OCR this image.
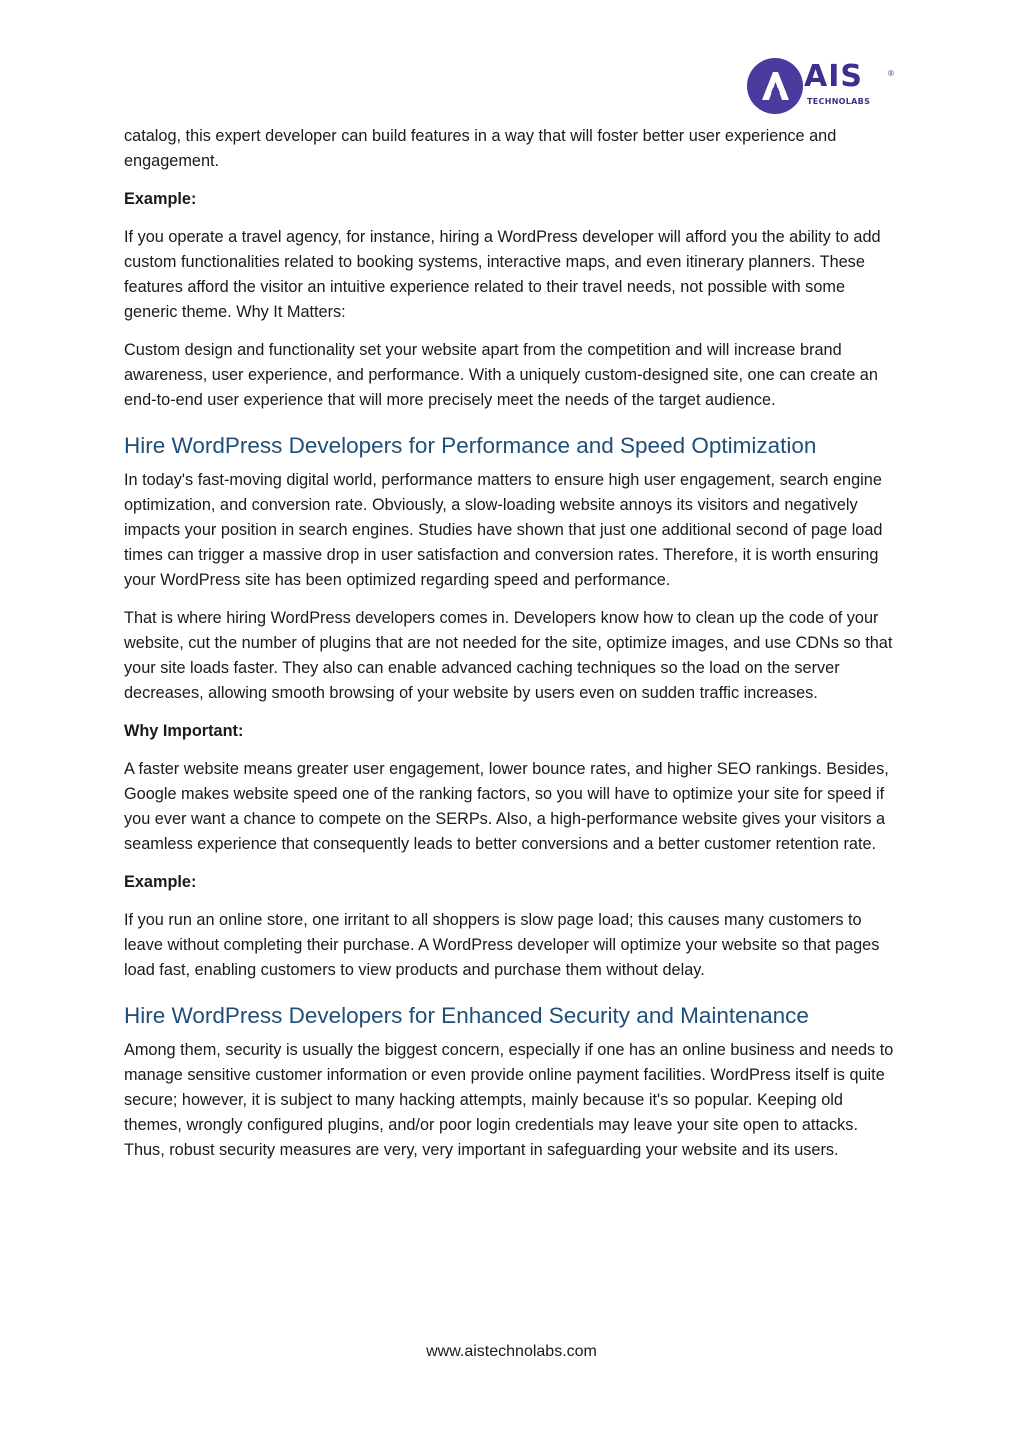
AIS	®
TECHNOLABS

catalog, this expert developer can build features in a way that will foster better user experience and engagement.

Example:

If you operate a travel agency, for instance, hiring a WordPress developer will afford you the ability to add custom functionalities related to booking systems, interactive maps, and even itinerary planners. These features afford the visitor an intuitive experience related to their travel needs, not possible with some generic theme. Why It Matters:

Custom design and functionality set your website apart from the competition and will increase brand awareness, user experience, and performance. With a uniquely custom-designed site, one can create an end-to-end user experience that will more precisely meet the needs of the target audience.

Hire WordPress Developers for Performance and Speed Optimization

In today's fast-moving digital world, performance matters to ensure high user engagement, search engine optimization, and conversion rate. Obviously, a slow-loading website annoys its visitors and negatively impacts your position in search engines. Studies have shown that just one additional second of page load times can trigger a massive drop in user satisfaction and conversion rates. Therefore, it is worth ensuring your WordPress site has been optimized regarding speed and performance.

That is where hiring WordPress developers comes in. Developers know how to clean up the code of your website, cut the number of plugins that are not needed for the site, optimize images, and use CDNs so that your site loads faster. They also can enable advanced caching techniques so the load on the server decreases, allowing smooth browsing of your website by users even on sudden traffic increases.

Why Important:

A faster website means greater user engagement, lower bounce rates, and higher SEO rankings. Besides, Google makes website speed one of the ranking factors, so you will have to optimize your site for speed if you ever want a chance to compete on the SERPs. Also, a high-performance website gives your visitors a seamless experience that consequently leads to better conversions and a better customer retention rate.

Example:

If you run an online store, one irritant to all shoppers is slow page load; this causes many customers to leave without completing their purchase. A WordPress developer will optimize your website so that pages load fast, enabling customers to view products and purchase them without delay.

Hire WordPress Developers for Enhanced Security and Maintenance

Among them, security is usually the biggest concern, especially if one has an online business and needs to manage sensitive customer information or even provide online payment facilities. WordPress itself is quite secure; however, it is subject to many hacking attempts, mainly because it's so popular. Keeping old themes, wrongly configured plugins, and/or poor login credentials may leave your site open to attacks. Thus, robust security measures are very, very important in safeguarding your website and its users.

www.aistechnolabs.com
